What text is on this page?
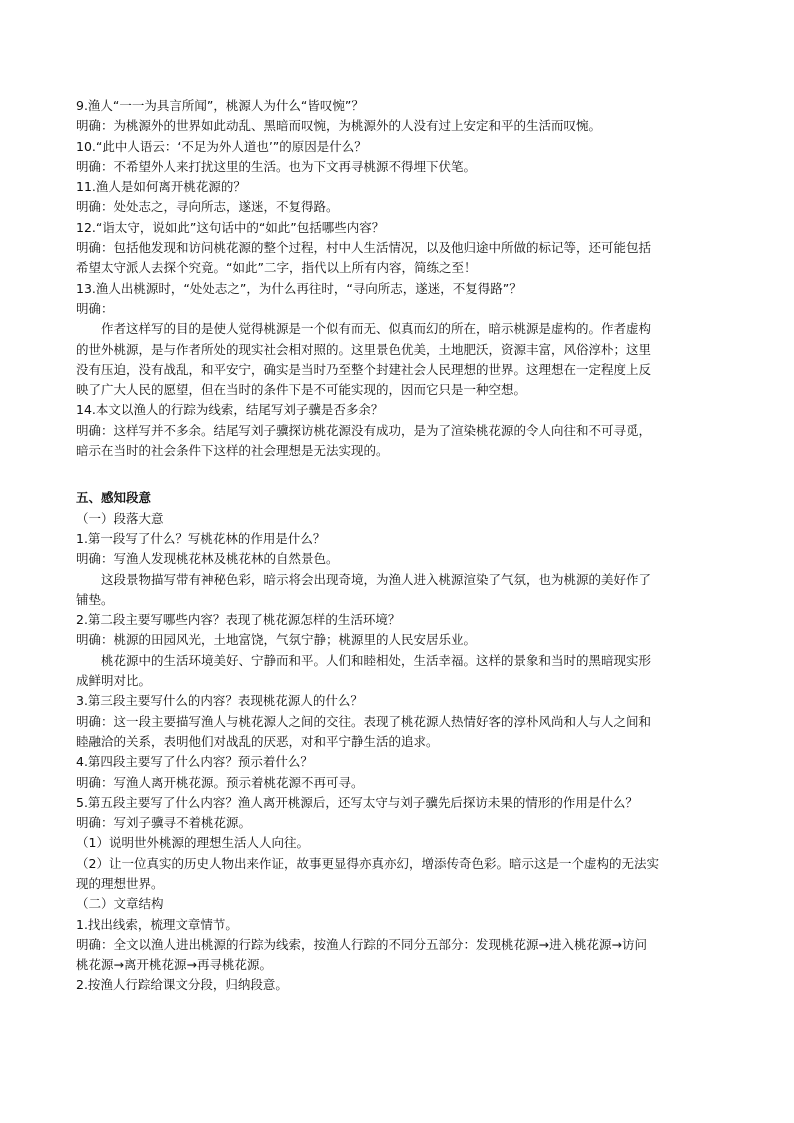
9.渔人“一一为具言所闻”，桃源人为什么“皆叹惋”？
明确：为桃源外的世界如此动乱、黑暗而叹惋，为桃源外的人没有过上安定和平的生活而叹惋。
10.“此中人语云：‘不足为外人道也’”的原因是什么？
明确：不希望外人来打扰这里的生活。也为下文再寻桃源不得埋下伏笔。
11.渔人是如何离开桃花源的？
明确：处处志之，寻向所志，遂迷，不复得路。
12.“诣太守，说如此”这句话中的“如此”包括哪些内容？
明确：包括他发现和访问桃花源的整个过程，村中人生活情况，以及他归途中所做的标记等，还可能包括
希望太守派人去探个究竟。“如此”二字，指代以上所有内容，简练之至！
13.渔人出桃源时，“处处志之”，为什么再往时，“寻向所志，遂迷，不复得路”？
明确：
作者这样写的目的是使人觉得桃源是一个似有而无、似真而幻的所在，暗示桃源是虚构的。作者虚构
的世外桃源，是与作者所处的现实社会相对照的。这里景色优美，土地肥沃，资源丰富，风俗淳朴；这里
没有压迫，没有战乱，和平安宁，确实是当时乃至整个封建社会人民理想的世界。这理想在一定程度上反
映了广大人民的愿望，但在当时的条件下是不可能实现的，因而它只是一种空想。
14.本文以渔人的行踪为线索，结尾写刘子骥是否多余？
明确：这样写并不多余。结尾写刘子骥探访桃花源没有成功，是为了渲染桃花源的令人向往和不可寻觅，
暗示在当时的社会条件下这样的社会理想是无法实现的。
五、感知段意
（一）段落大意
1.第一段写了什么？写桃花林的作用是什么？
明确：写渔人发现桃花林及桃花林的自然景色。
这段景物描写带有神秘色彩，暗示将会出现奇境，为渔人进入桃源渲染了气氛，也为桃源的美好作了
铺垫。
2.第二段主要写哪些内容？表现了桃花源怎样的生活环境？
明确：桃源的田园风光，土地富饶，气氛宁静；桃源里的人民安居乐业。
桃花源中的生活环境美好、宁静而和平。人们和睦相处，生活幸福。这样的景象和当时的黑暗现实形
成鲜明对比。
3.第三段主要写什么的内容？表现桃花源人的什么？
明确：这一段主要描写渔人与桃花源人之间的交往。表现了桃花源人热情好客的淳朴风尚和人与人之间和
睦融洽的关系，表明他们对战乱的厌恶，对和平宁静生活的追求。
4.第四段主要写了什么内容？预示着什么？
明确：写渔人离开桃花源。预示着桃花源不再可寻。
5.第五段主要写了什么内容？渔人离开桃源后，还写太守与刘子骥先后探访未果的情形的作用是什么？
明确：写刘子骥寻不着桃花源。
（1）说明世外桃源的理想生活人人向往。
（2）让一位真实的历史人物出来作证，故事更显得亦真亦幻，增添传奇色彩。暗示这是一个虚构的无法实
现的理想世界。
（二）文章结构
1.找出线索，梳理文章情节。
明确：全文以渔人进出桃源的行踪为线索，按渔人行踪的不同分五部分：发现桃花源→进入桃花源→访问
桃花源→离开桃花源→再寻桃花源。
2.按渔人行踪给课文分段，归纳段意。
